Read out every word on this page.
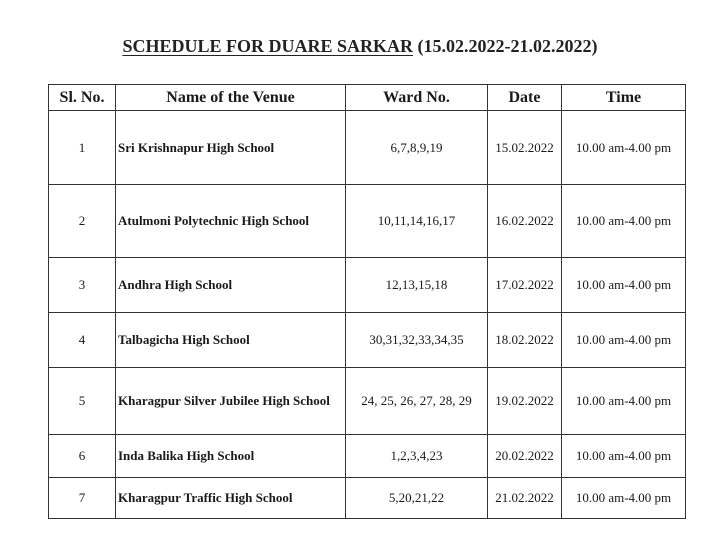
SCHEDULE FOR DUARE SARKAR (15.02.2022-21.02.2022)
Sl. No.	Name of the Venue	Ward No.	Date	Time
1	Sri Krishnapur High School	6,7,8,9,19	15.02.2022	10.00 am-4.00 pm
2	Atulmoni Polytechnic High School	10,11,14,16,17	16.02.2022	10.00 am-4.00 pm
3	Andhra High School	12,13,15,18	17.02.2022	10.00 am-4.00 pm
4	Talbagicha High School	30,31,32,33,34,35	18.02.2022	10.00 am-4.00 pm
5	Kharagpur Silver Jubilee High School	24, 25, 26, 27, 28, 29	19.02.2022	10.00 am-4.00 pm
6	Inda Balika High School	1,2,3,4,23	20.02.2022	10.00 am-4.00 pm
7	Kharagpur Traffic High School	5,20,21,22	21.02.2022	10.00 am-4.00 pm
